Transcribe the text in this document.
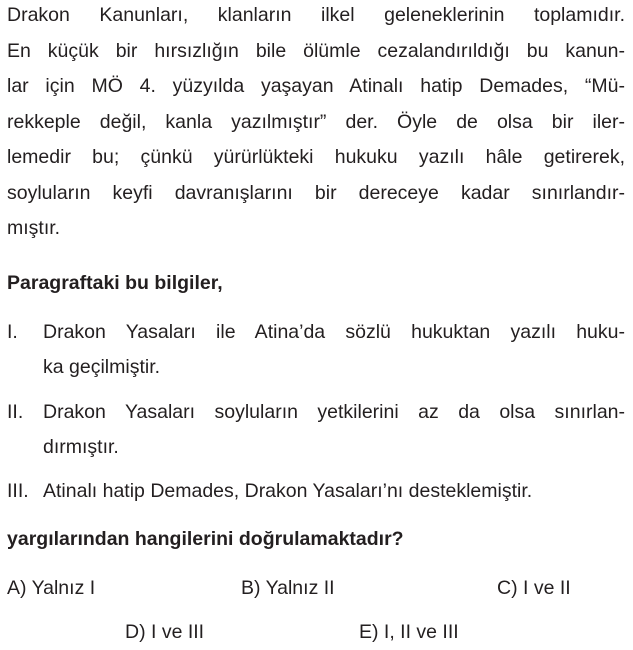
Drakon Kanunları, klanların ilkel geleneklerinin toplamıdır.
En küçük bir hırsızlığın bile ölümle cezalandırıldığı bu kanun-
lar için MÖ 4. yüzyılda yaşayan Atinalı hatip Demades, “Mü-
rekkeple değil, kanla yazılmıştır” der. Öyle de olsa bir iler-
lemedir bu; çünkü yürürlükteki hukuku yazılı hâle getirerek,
soyluların keyfi davranışlarını bir dereceye kadar sınırlandır-
mıştır.
Paragraftaki bu bilgiler,
I. Drakon Yasaları ile Atina’da sözlü hukuktan yazılı huku-
ka geçilmiştir.
II. Drakon Yasaları soyluların yetkilerini az da olsa sınırlan-
dırmıştır.
III. Atinalı hatip Demades, Drakon Yasaları’nı desteklemiştir.
yargılarından hangilerini doğrulamaktadır?
A) Yalnız I	B) Yalnız II	C) I ve II
D) I ve III	E) I, II ve III
